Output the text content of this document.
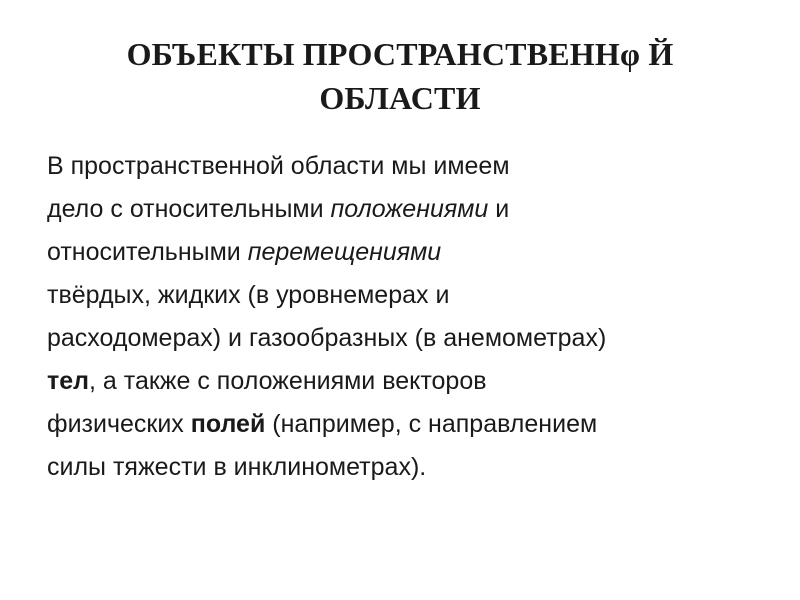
ОБЪЕКТЫ ПРОСТРАНСТВЕННφ Й
ОБЛАСТИ
В пространственной области мы имеем
дело с относительными положениями и
относительными перемещениями
твёрдых, жидких (в уровнемерах и
расходомерах) и газообразных (в анемометрах)
тел, а также с положениями векторов
физических полей (например, с направлением
силы тяжести в инклинометрах).
